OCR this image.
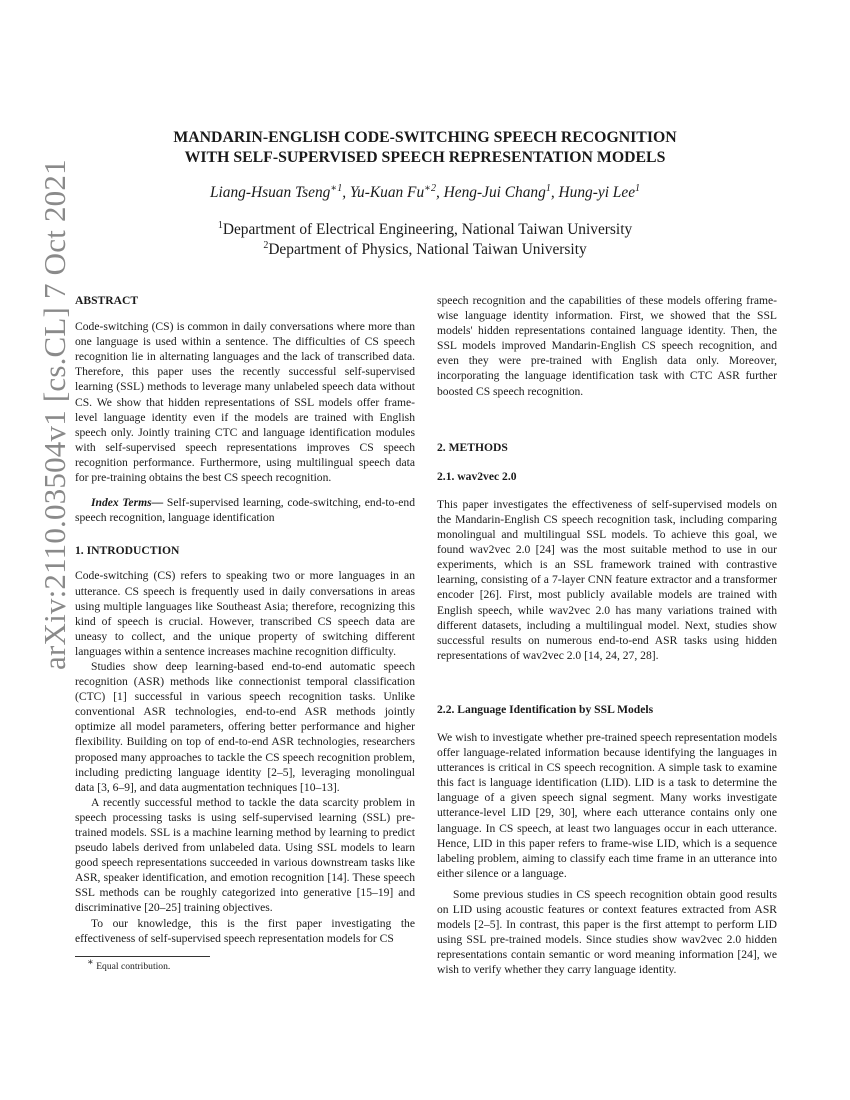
arXiv:2110.03504v1 [cs.CL] 7 Oct 2021
MANDARIN-ENGLISH CODE-SWITCHING SPEECH RECOGNITION
WITH SELF-SUPERVISED SPEECH REPRESENTATION MODELS
Liang-Hsuan Tseng$^{∗1}$, Yu-Kuan $Fu^{∗2}$, Heng-Jui Chang$^1$, Hung-yi Lee$^1$
$^1$Department of Electrical Engineering, National Taiwan University
$^2$Department of Physics, National Taiwan University

ABSTRACT

Code-switching (CS) is common in daily conversations where more than one language is used within a sentence. The difficulties of CS speech recognition lie in alternating languages and the lack of transcribed data. Therefore, this paper uses the recently successful self-supervised learning (SSL) methods to leverage many unlabeled speech data without CS. We show that hidden representations of SSL models offer frame-level language identity even if the models are trained with English speech only. Jointly training CTC and language identification modules with self-supervised speech representations improves CS speech recognition performance. Furthermore, using multilingual speech data for pre-training obtains the best CS speech recognition.

Index Terms— Self-supervised learning, code-switching, end-to-end speech recognition, language identification

1. INTRODUCTION

Code-switching (CS) refers to speaking two or more languages in an utterance. CS speech is frequently used in daily conversations in areas using multiple languages like Southeast Asia; therefore, recognizing this kind of speech is crucial. However, transcribed CS speech data are uneasy to collect, and the unique property of switching different languages within a sentence increases machine recognition difficulty.

Studies show deep learning-based end-to-end automatic speech recognition (ASR) methods like connectionist temporal classification (CTC) [1] successful in various speech recognition tasks. Unlike conventional ASR technologies, end-to-end ASR methods jointly optimize all model parameters, offering better performance and higher flexibility. Building on top of end-to-end ASR technologies, researchers proposed many approaches to tackle the CS speech recognition problem, including predicting language identity [2–5], leveraging monolingual data [3, 6–9], and data augmentation techniques [10–13].

A recently successful method to tackle the data scarcity problem in speech processing tasks is using self-supervised learning (SSL) pre-trained models. SSL is a machine learning method by learning to predict pseudo labels derived from unlabeled data. Using SSL models to learn good speech representations succeeded in various downstream tasks like ASR, speaker identification, and emotion recognition [14]. These speech SSL methods can be roughly categorized into generative [15–19] and discriminative [20–25] training objectives.

To our knowledge, this is the first paper investigating the effectiveness of self-supervised speech representation models for CS

∗ Equal contribution.

speech recognition and the capabilities of these models offering frame-wise language identity information. First, we showed that the SSL models' hidden representations contained language identity. Then, the SSL models improved Mandarin-English CS speech recognition, and even they were pre-trained with English data only. Moreover, incorporating the language identification task with CTC ASR further boosted CS speech recognition.

2. METHODS

2.1. wav2vec 2.0

This paper investigates the effectiveness of self-supervised models on the Mandarin-English CS speech recognition task, including comparing monolingual and multilingual SSL models. To achieve this goal, we found wav2vec 2.0 [24] was the most suitable method to use in our experiments, which is an SSL framework trained with contrastive learning, consisting of a 7-layer CNN feature extractor and a transformer encoder [26]. First, most publicly available models are trained with English speech, while wav2vec 2.0 has many variations trained with different datasets, including a multilingual model. Next, studies show successful results on numerous end-to-end ASR tasks using hidden representations of wav2vec 2.0 [14, 24, 27, 28].

2.2. Language Identification by SSL Models

We wish to investigate whether pre-trained speech representation models offer language-related information because identifying the languages in utterances is critical in CS speech recognition. A simple task to examine this fact is language identification (LID). LID is a task to determine the language of a given speech signal segment. Many works investigate utterance-level LID [29, 30], where each utterance contains only one language. In CS speech, at least two languages occur in each utterance. Hence, LID in this paper refers to frame-wise LID, which is a sequence labeling problem, aiming to classify each time frame in an utterance into either silence or a language.

Some previous studies in CS speech recognition obtain good results on LID using acoustic features or context features extracted from ASR models [2–5]. In contrast, this paper is the first attempt to perform LID using SSL pre-trained models. Since studies show wav2vec 2.0 hidden representations contain semantic or word meaning information [24], we wish to verify whether they carry language identity.
